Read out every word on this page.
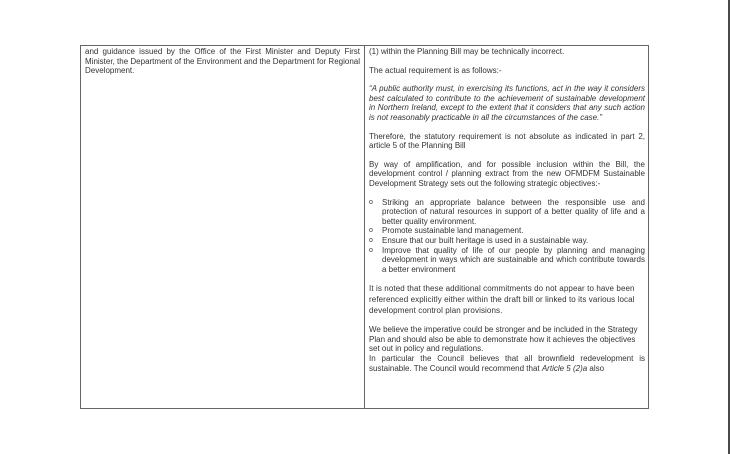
and guidance issued by the Office of the First Minister and Deputy First Minister, the Department of the Environment and the Department for Regional Development.

(1) within the Planning Bill may be technically incorrect.

The actual requirement is as follows:-

“A public authority must, in exercising its functions, act in the way it considers best calculated to contribute to the achievement of sustainable development in Northern Ireland, except to the extent that it considers that any such action is not reasonably practicable in all the circumstances of the case.”

Therefore, the statutory requirement is not absolute as indicated in part 2, article 5 of the Planning Bill

By way of amplification, and for possible inclusion within the Bill, the development control / planning extract from the new OFMDFM Sustainable Development Strategy sets out the following strategic objectives:-

o Striking an appropriate balance between the responsible use and protection of natural resources in support of a better quality of life and a better quality environment.
o Promote sustainable land management.
o Ensure that our built heritage is used in a sustainable way.
o Improve that quality of life of our people by planning and managing development in ways which are sustainable and which contribute towards a better environment

It is noted that these additional commitments do not appear to have been referenced explicitly either within the draft bill or linked to its various local development control plan provisions.

We believe the imperative could be stronger and be included in the Strategy Plan and should also be able to demonstrate how it achieves the objectives set out in policy and regulations.

In particular the Council believes that all brownfield redevelopment is sustainable. The Council would recommend that Article 5 (2)a also
